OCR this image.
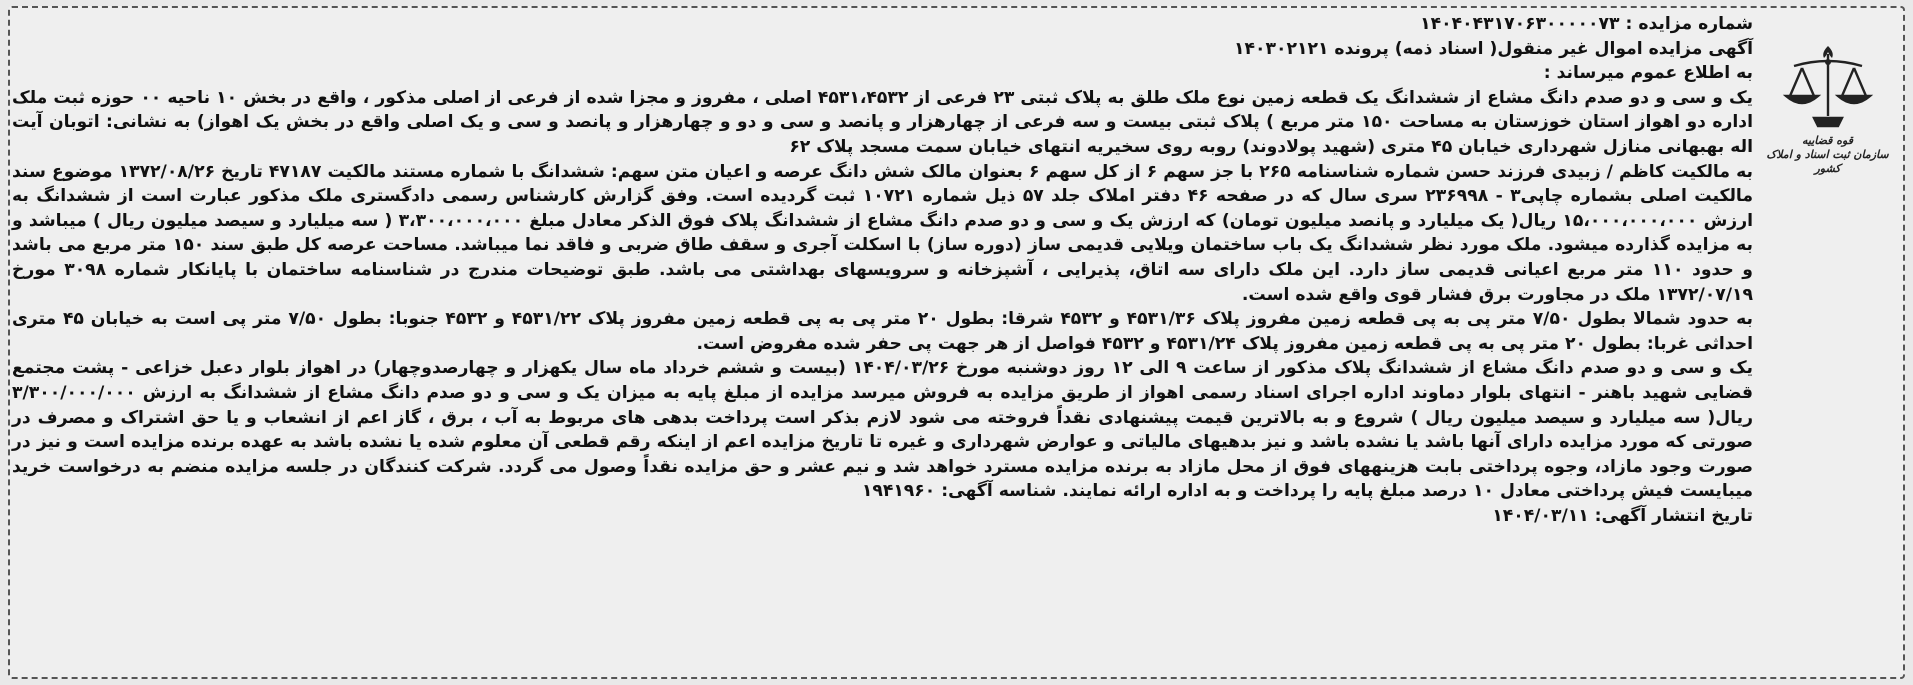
قوه قضاییه
سازمان ثبت اسناد و املاک کشور

شماره مزایده : ۱۴۰۴۰۴۳۱۷۰۶۳۰۰۰۰۰۷۳

آگهی مزایده اموال غیر منقول( اسناد ذمه) پرونده ۱۴۰۳۰۲۱۲۱

به اطلاع عموم میرساند :

یک و سی و دو صدم دانگ مشاع از ششدانگ یک قطعه زمین نوع ملک طلق به پلاک ثبتی ۲۳ فرعی از ۴۵۳۱،۴۵۳۲ اصلی ، مفروز و مجزا شده از فرعی از اصلی مذکور ، واقع در بخش ۱۰ ناحیه ۰۰ حوزه ثبت ملک اداره دو اهواز استان خوزستان به مساحت ۱۵۰ متر مربع ) پلاک ثبتی بیست و سه فرعی از چهارهزار و پانصد و سی و دو و چهارهزار و پانصد و سی و یک اصلی واقع در بخش یک اهواز) به نشانی: اتوبان آیت اله بهبهانی منازل شهرداری خیابان ۴۵ متری (شهید پولادوند) روبه روی سخیریه انتهای خیابان سمت مسجد پلاک ۶۲

به مالکیت کاظم / زبیدی فرزند حسن شماره شناسنامه ۲۶۵ با جز سهم ۶ از کل سهم ۶ بعنوان مالک شش دانگ عرصه و اعیان متن سهم: ششدانگ با شماره مستند مالکیت ۴۷۱۸۷ تاریخ ۱۳۷۲/۰۸/۲۶ موضوع سند مالکیت اصلی بشماره چاپی۳ - ۲۳۶۹۹۸ سری سال که در صفحه ۴۶ دفتر املاک جلد ۵۷ ذیل شماره ۱۰۷۲۱ ثبت گردیده است. وفق گزارش کارشناس رسمی دادگستری ملک مذکور عبارت است از ششدانگ به ارزش ۱۵،۰۰۰،۰۰۰،۰۰۰ ریال( یک میلیارد و پانصد میلیون تومان) که ارزش یک و سی و دو صدم دانگ مشاع از ششدانگ پلاک فوق الذکر معادل مبلغ ۳،۳۰۰،۰۰۰،۰۰۰ ( سه میلیارد و سیصد میلیون ریال ) میباشد و به مزایده گذارده میشود. ملک مورد نظر ششدانگ یک باب ساختمان ویلایی قدیمی ساز (دوره ساز) با اسکلت آجری و سقف طاق ضربی و فاقد نما میباشد. مساحت عرصه کل طبق سند ۱۵۰ متر مربع می باشد و حدود ۱۱۰ متر مربع اعیانی قدیمی ساز دارد. این ملک دارای سه اتاق، پذیرایی ، آشپزخانه و سرویسهای بهداشتی می باشد. طبق توضیحات مندرج در شناسنامه ساختمان با پایانکار شماره ۳۰۹۸ مورخ ۱۳۷۲/۰۷/۱۹ ملک در مجاورت برق فشار قوی واقع شده است.

به حدود شمالا بطول ۷/۵۰ متر پی به پی قطعه زمین مفروز پلاک ۴۵۳۱/۳۶ و ۴۵۳۲ شرقا: بطول ۲۰ متر پی به پی قطعه زمین مفروز پلاک ۴۵۳۱/۲۲ و ۴۵۳۲ جنوبا: بطول ۷/۵۰ متر پی است به خیابان ۴۵ متری احداثی غربا: بطول ۲۰ متر پی به پی قطعه زمین مفروز پلاک ۴۵۳۱/۲۴ و ۴۵۳۲ فواصل از هر جهت پی حفر شده مفروض است.

یک و سی و دو صدم دانگ مشاع از ششدانگ پلاک مذکور از ساعت ۹ الی ۱۲ روز دوشنبه مورخ ۱۴۰۴/۰۳/۲۶ (بیست و ششم خرداد ماه سال یکهزار و چهارصدوچهار) در اهواز بلوار دعبل خزاعی - پشت مجتمع قضایی شهید باهنر - انتهای بلوار دماوند اداره اجرای اسناد رسمی اهواز از طریق مزایده به فروش میرسد مزایده از مبلغ پایه به میزان یک و سی و دو صدم دانگ مشاع از ششدانگ به ارزش ۳/۳۰۰/۰۰۰/۰۰۰ ریال( سه میلیارد و سیصد میلیون ریال ) شروع و به بالاترین قیمت پیشنهادی نقداً فروخته می شود لازم بذکر است پرداخت بدهی های مربوط به آب ، برق ، گاز اعم از انشعاب و یا حق اشتراک و مصرف در صورتی که مورد مزایده دارای آنها باشد یا نشده باشد و نیز بدهیهای مالیاتی و عوارض شهرداری و غیره تا تاریخ مزایده اعم از اینکه رقم قطعی آن معلوم شده یا نشده باشد به عهده برنده مزایده است و نیز در صورت وجود مازاد، وجوه پرداختی بابت هزینههای فوق از محل مازاد به برنده مزایده مسترد خواهد شد و نیم عشر و حق مزایده نقداً وصول می گردد. شرکت کنندگان در جلسه مزایده منضم به درخواست خرید میبایست فیش پرداختی معادل ۱۰ درصد مبلغ پایه را پرداخت و به اداره ارائه نمایند. شناسه آگهی: ۱۹۴۱۹۶۰

تاریخ انتشار آگهی: ۱۴۰۴/۰۳/۱۱
